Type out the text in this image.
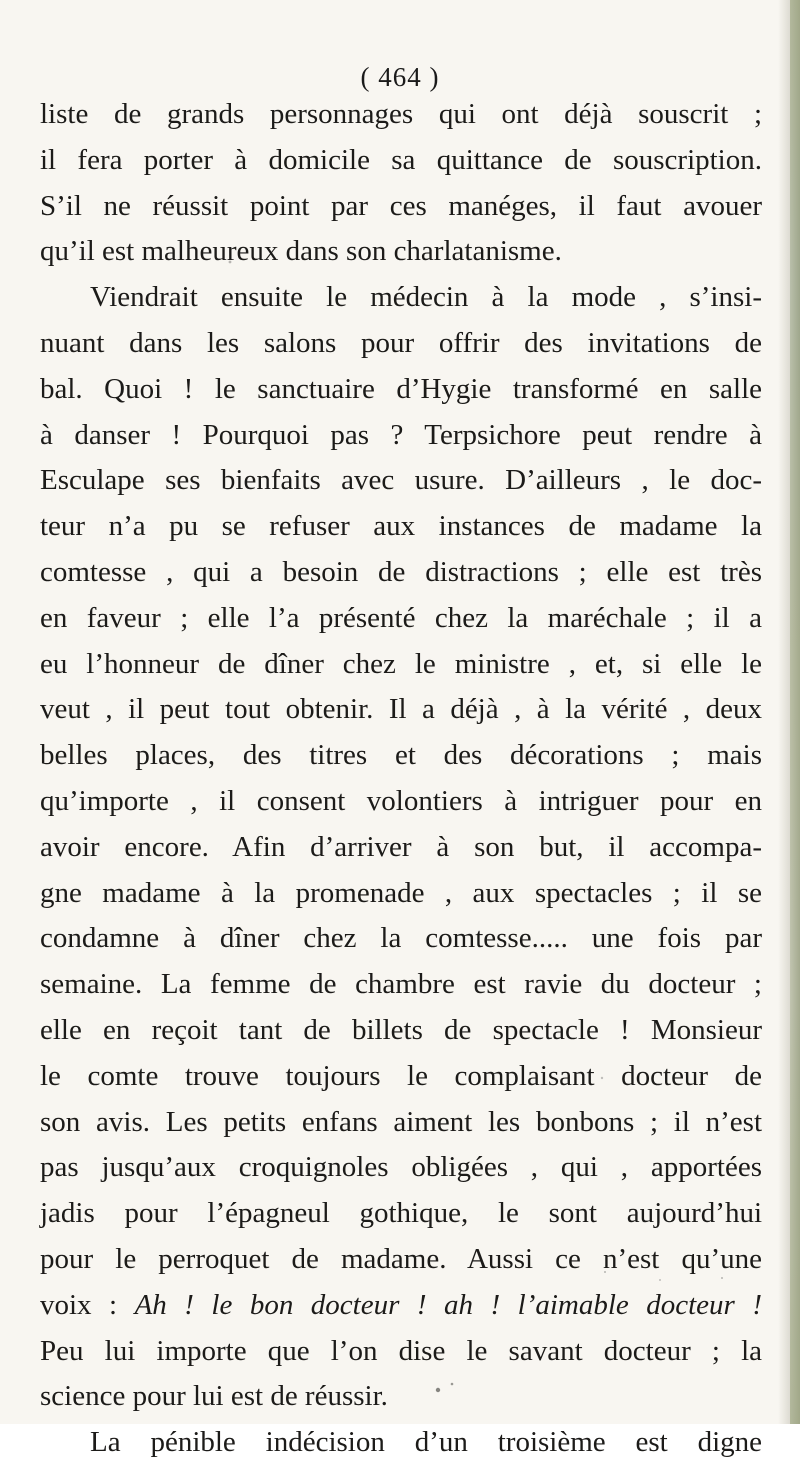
( 464 )
liste de grands personnages qui ont déjà souscrit ;
il fera porter à domicile sa quittance de souscription.
S’il ne réussit point par ces manéges, il faut avouer
qu’il est malheureux dans son charlatanisme.
Viendrait ensuite le médecin à la mode , s’insi-
nuant dans les salons pour offrir des invitations de
bal. Quoi ! le sanctuaire d’Hygie transformé en salle
à danser ! Pourquoi pas ? Terpsichore peut rendre à
Esculape ses bienfaits avec usure. D’ailleurs , le doc-
teur n’a pu se refuser aux instances de madame la
comtesse , qui a besoin de distractions ; elle est très
en faveur ; elle l’a présenté chez la maréchale ; il a
eu l’honneur de dîner chez le ministre , et, si elle le
veut , il peut tout obtenir. Il a déjà , à la vérité , deux
belles places, des titres et des décorations ; mais
qu’importe , il consent volontiers à intriguer pour en
avoir encore. Afin d’arriver à son but, il accompa-
gne madame à la promenade , aux spectacles ; il se
condamne à dîner chez la comtesse..... une fois par
semaine. La femme de chambre est ravie du docteur ;
elle en reçoit tant de billets de spectacle ! Monsieur
le comte trouve toujours le complaisant docteur de
son avis. Les petits enfans aiment les bonbons ; il n’est
pas jusqu’aux croquignoles obligées , qui , apportées
jadis pour l’épagneul gothique, le sont aujourd’hui
pour le perroquet de madame. Aussi ce n’est qu’une
voix : Ah ! le bon docteur ! ah ! l’aimable docteur !
Peu lui importe que l’on dise le savant docteur ; la
science pour lui est de réussir.
La pénible indécision d’un troisième est digne
